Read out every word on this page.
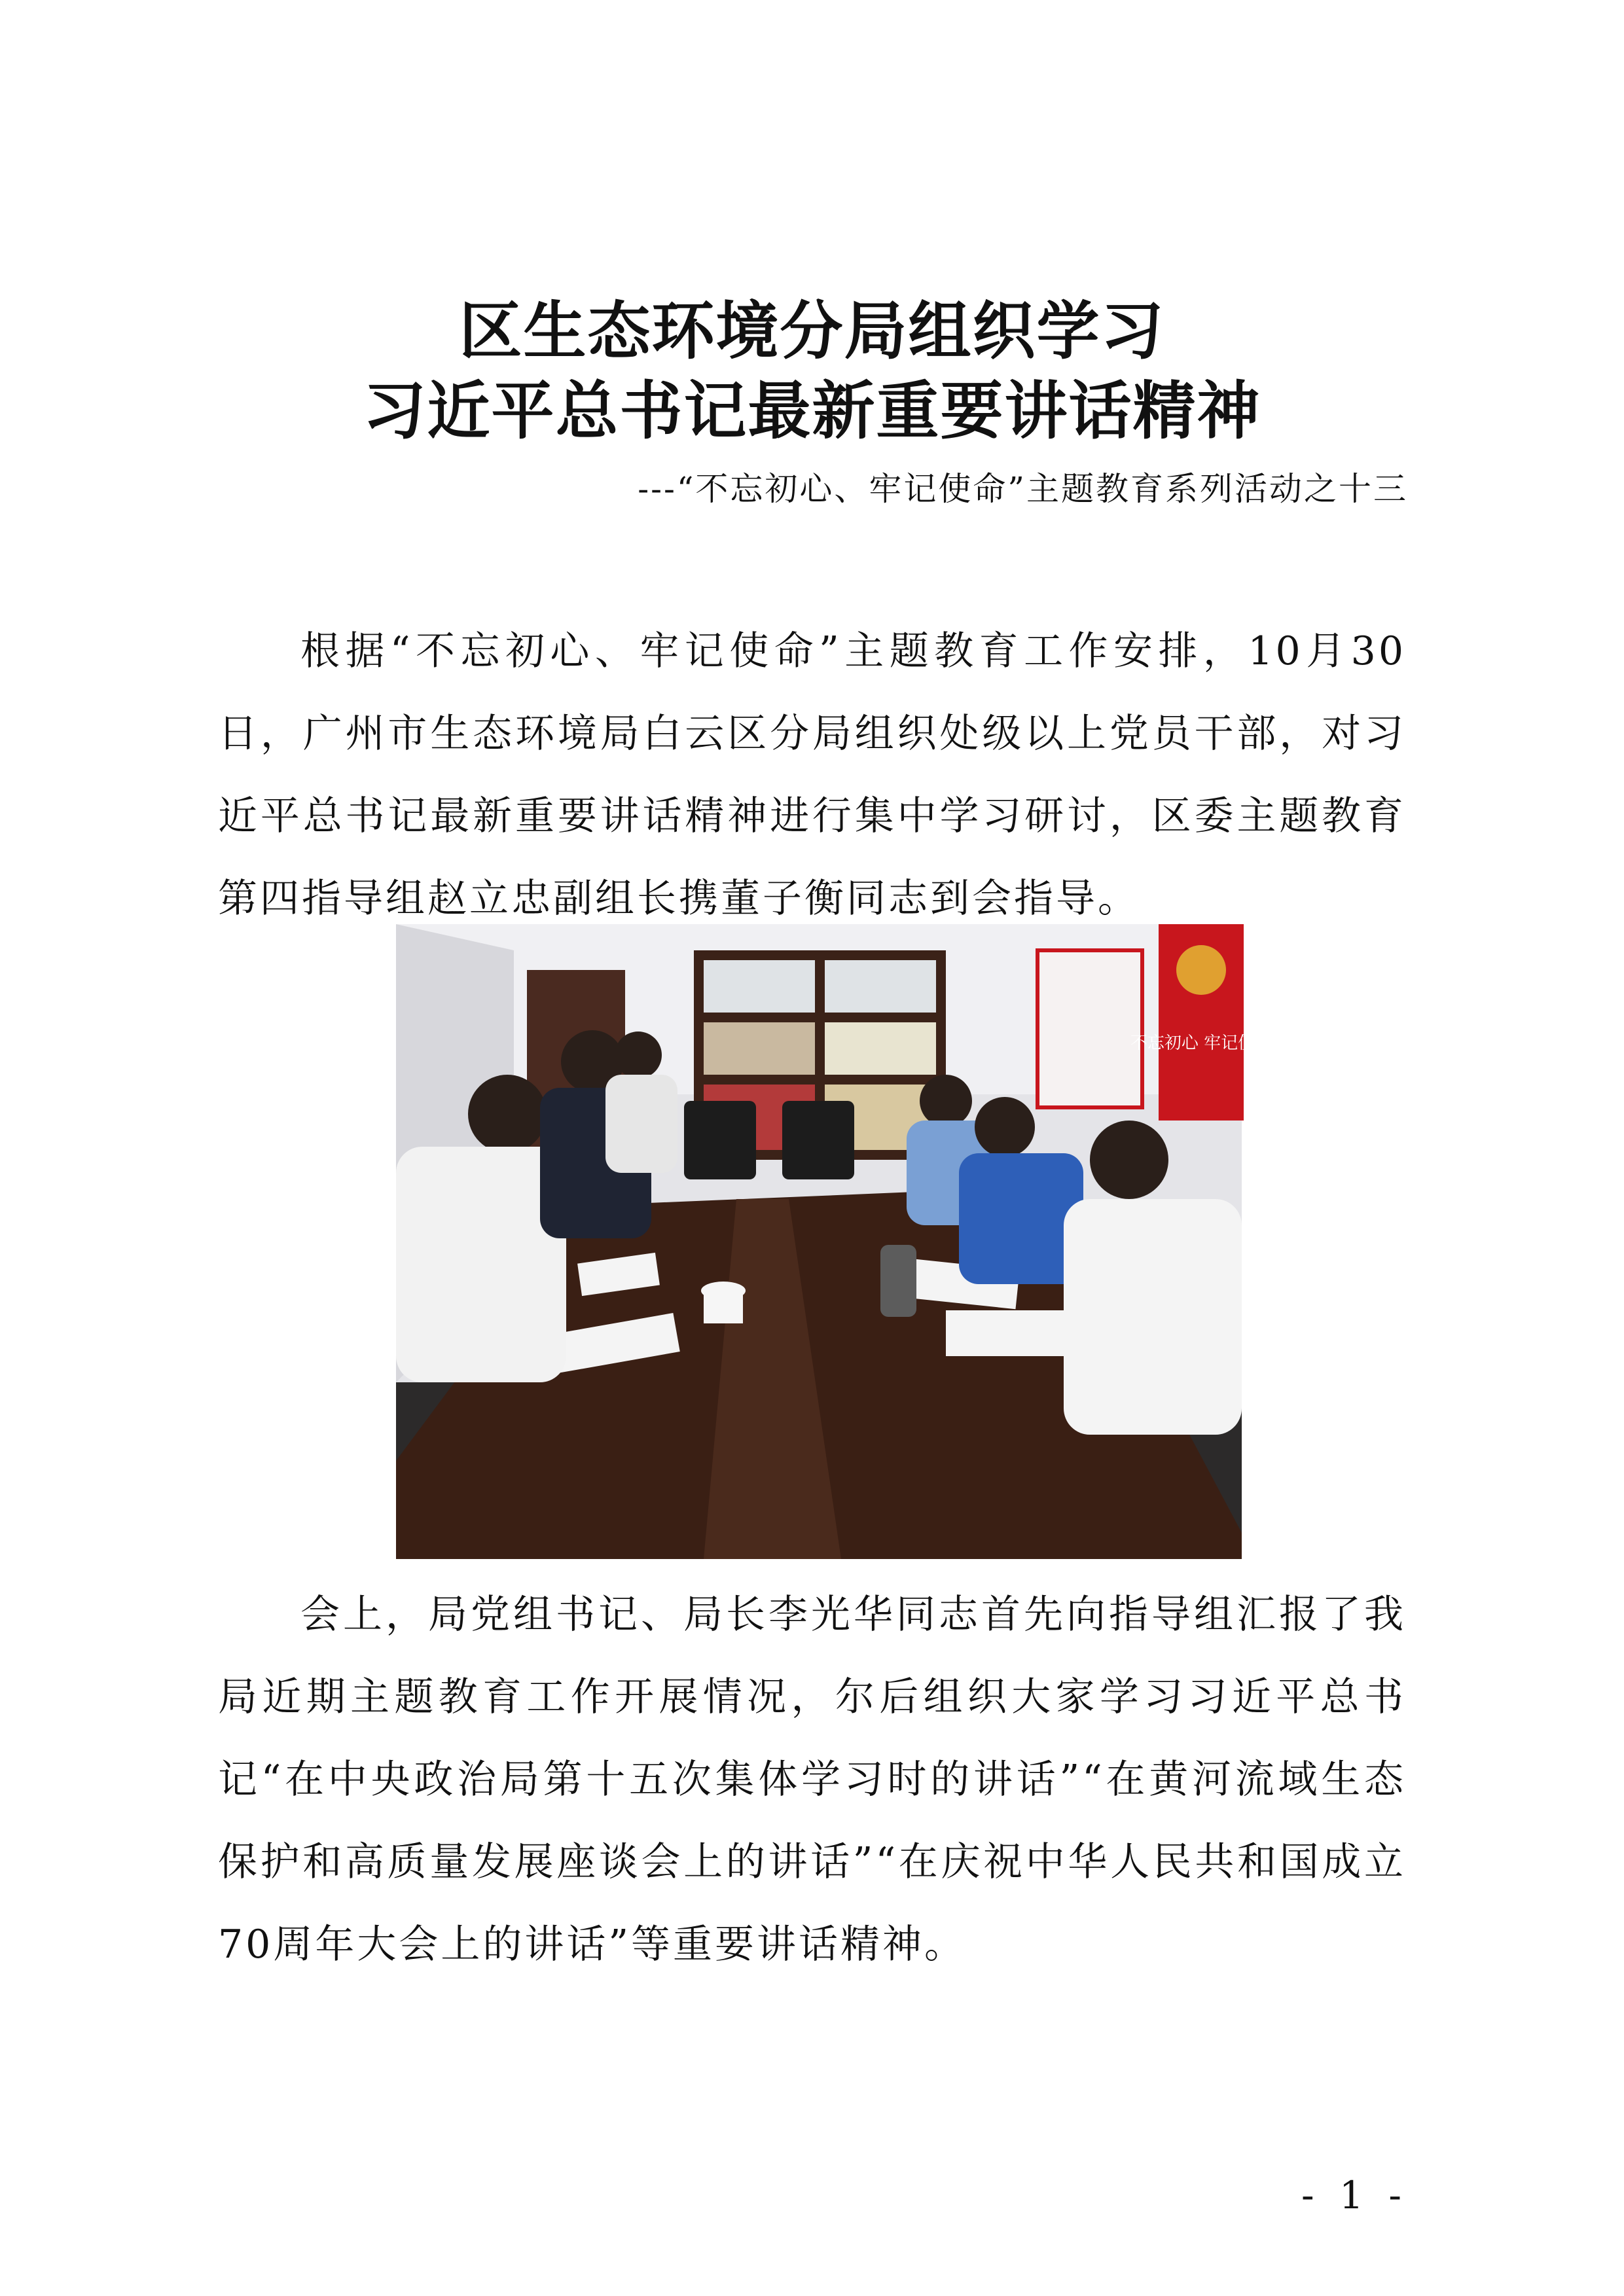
区生态环境分局组织学习
习近平总书记最新重要讲话精神
---“不忘初心、牢记使命”主题教育系列活动之十三

根据“不忘初心、牢记使命”主题教育工作安排，10月30日，广州市生态环境局白云区分局组织处级以上党员干部，对习近平总书记最新重要讲话精神进行集中学习研讨，区委主题教育第四指导组赵立忠副组长携董子衡同志到会指导。

不忘初心 牢记使命

会上，局党组书记、局长李光华同志首先向指导组汇报了我局近期主题教育工作开展情况，尔后组织大家学习习近平总书记“在中央政治局第十五次集体学习时的讲话”“在黄河流域生态保护和高质量发展座谈会上的讲话”“在庆祝中华人民共和国成立70周年大会上的讲话”等重要讲话精神。

- 1 -
